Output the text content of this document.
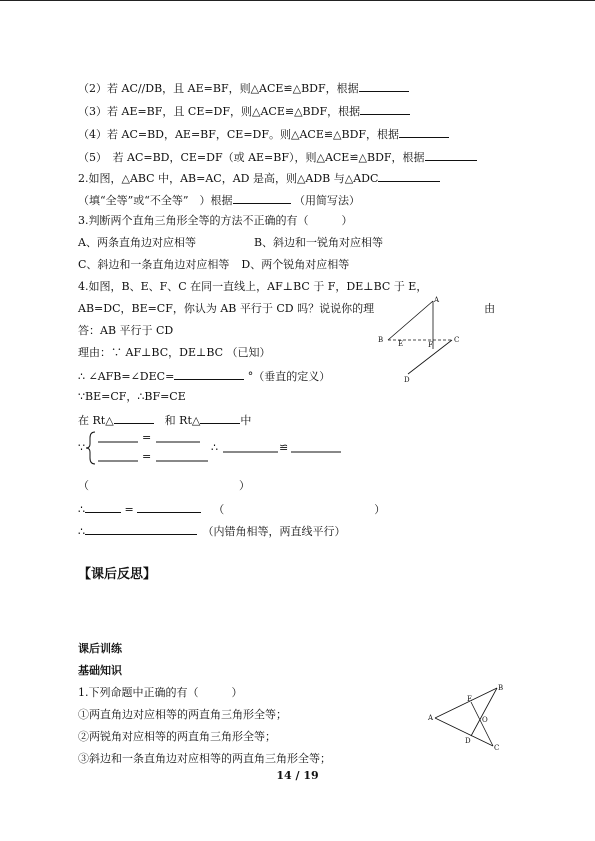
（2）若 AC//DB，且 AE=BF，则△ACE≌△BDF，根据
（3）若 AE=BF，且 CE=DF，则△ACE≌△BDF，根据
（4）若 AC=BD，AE=BF，CE=DF。则△ACE≌△BDF，根据
（5）　若 AC=BD，CE=DF（或 AE=BF），则△ACE≌△BDF，根据
2.如图，△ABC 中，AB=AC，AD 是高，则△ADB 与△ADC
（填“全等”或“不全等”　）根据	（用简写法）
3.判断两个直角三角形全等的方法不正确的有（　　　）
A、两条直角边对应相等	B、斜边和一锐角对应相等
C、斜边和一条直角边对应相等 D、两个锐角对应相等
4.如图，B、E、F、C 在同一直线上，AF⊥BC 于 F，DE⊥BC 于 E，
AB=DC，BE=CF，你认为 AB 平行于 CD 吗？说说你的理	由
答：AB 平行于 CD
理由：∵ AF⊥BC，DE⊥BC （已知）
∴ ∠AFB=∠DEC=	°（垂直的定义）
∵BE=CF，∴BF=CE
在 Rt△　	和 Rt△	中
∵
=
=
∴	≌
（	）
∴	=	（	）
∴　	（内错角相等，两直线平行）
【课后反思】
课后训练
基础知识
1.下列命题中正确的有（　　　）
①两直角边对应相等的两直角三角形全等；
②两锐角对应相等的两直角三角形全等；
③斜边和一条直角边对应相等的两直角三角形全等；
A
B E	F
C
D
E
B
A	O
D
C
14 / 19
